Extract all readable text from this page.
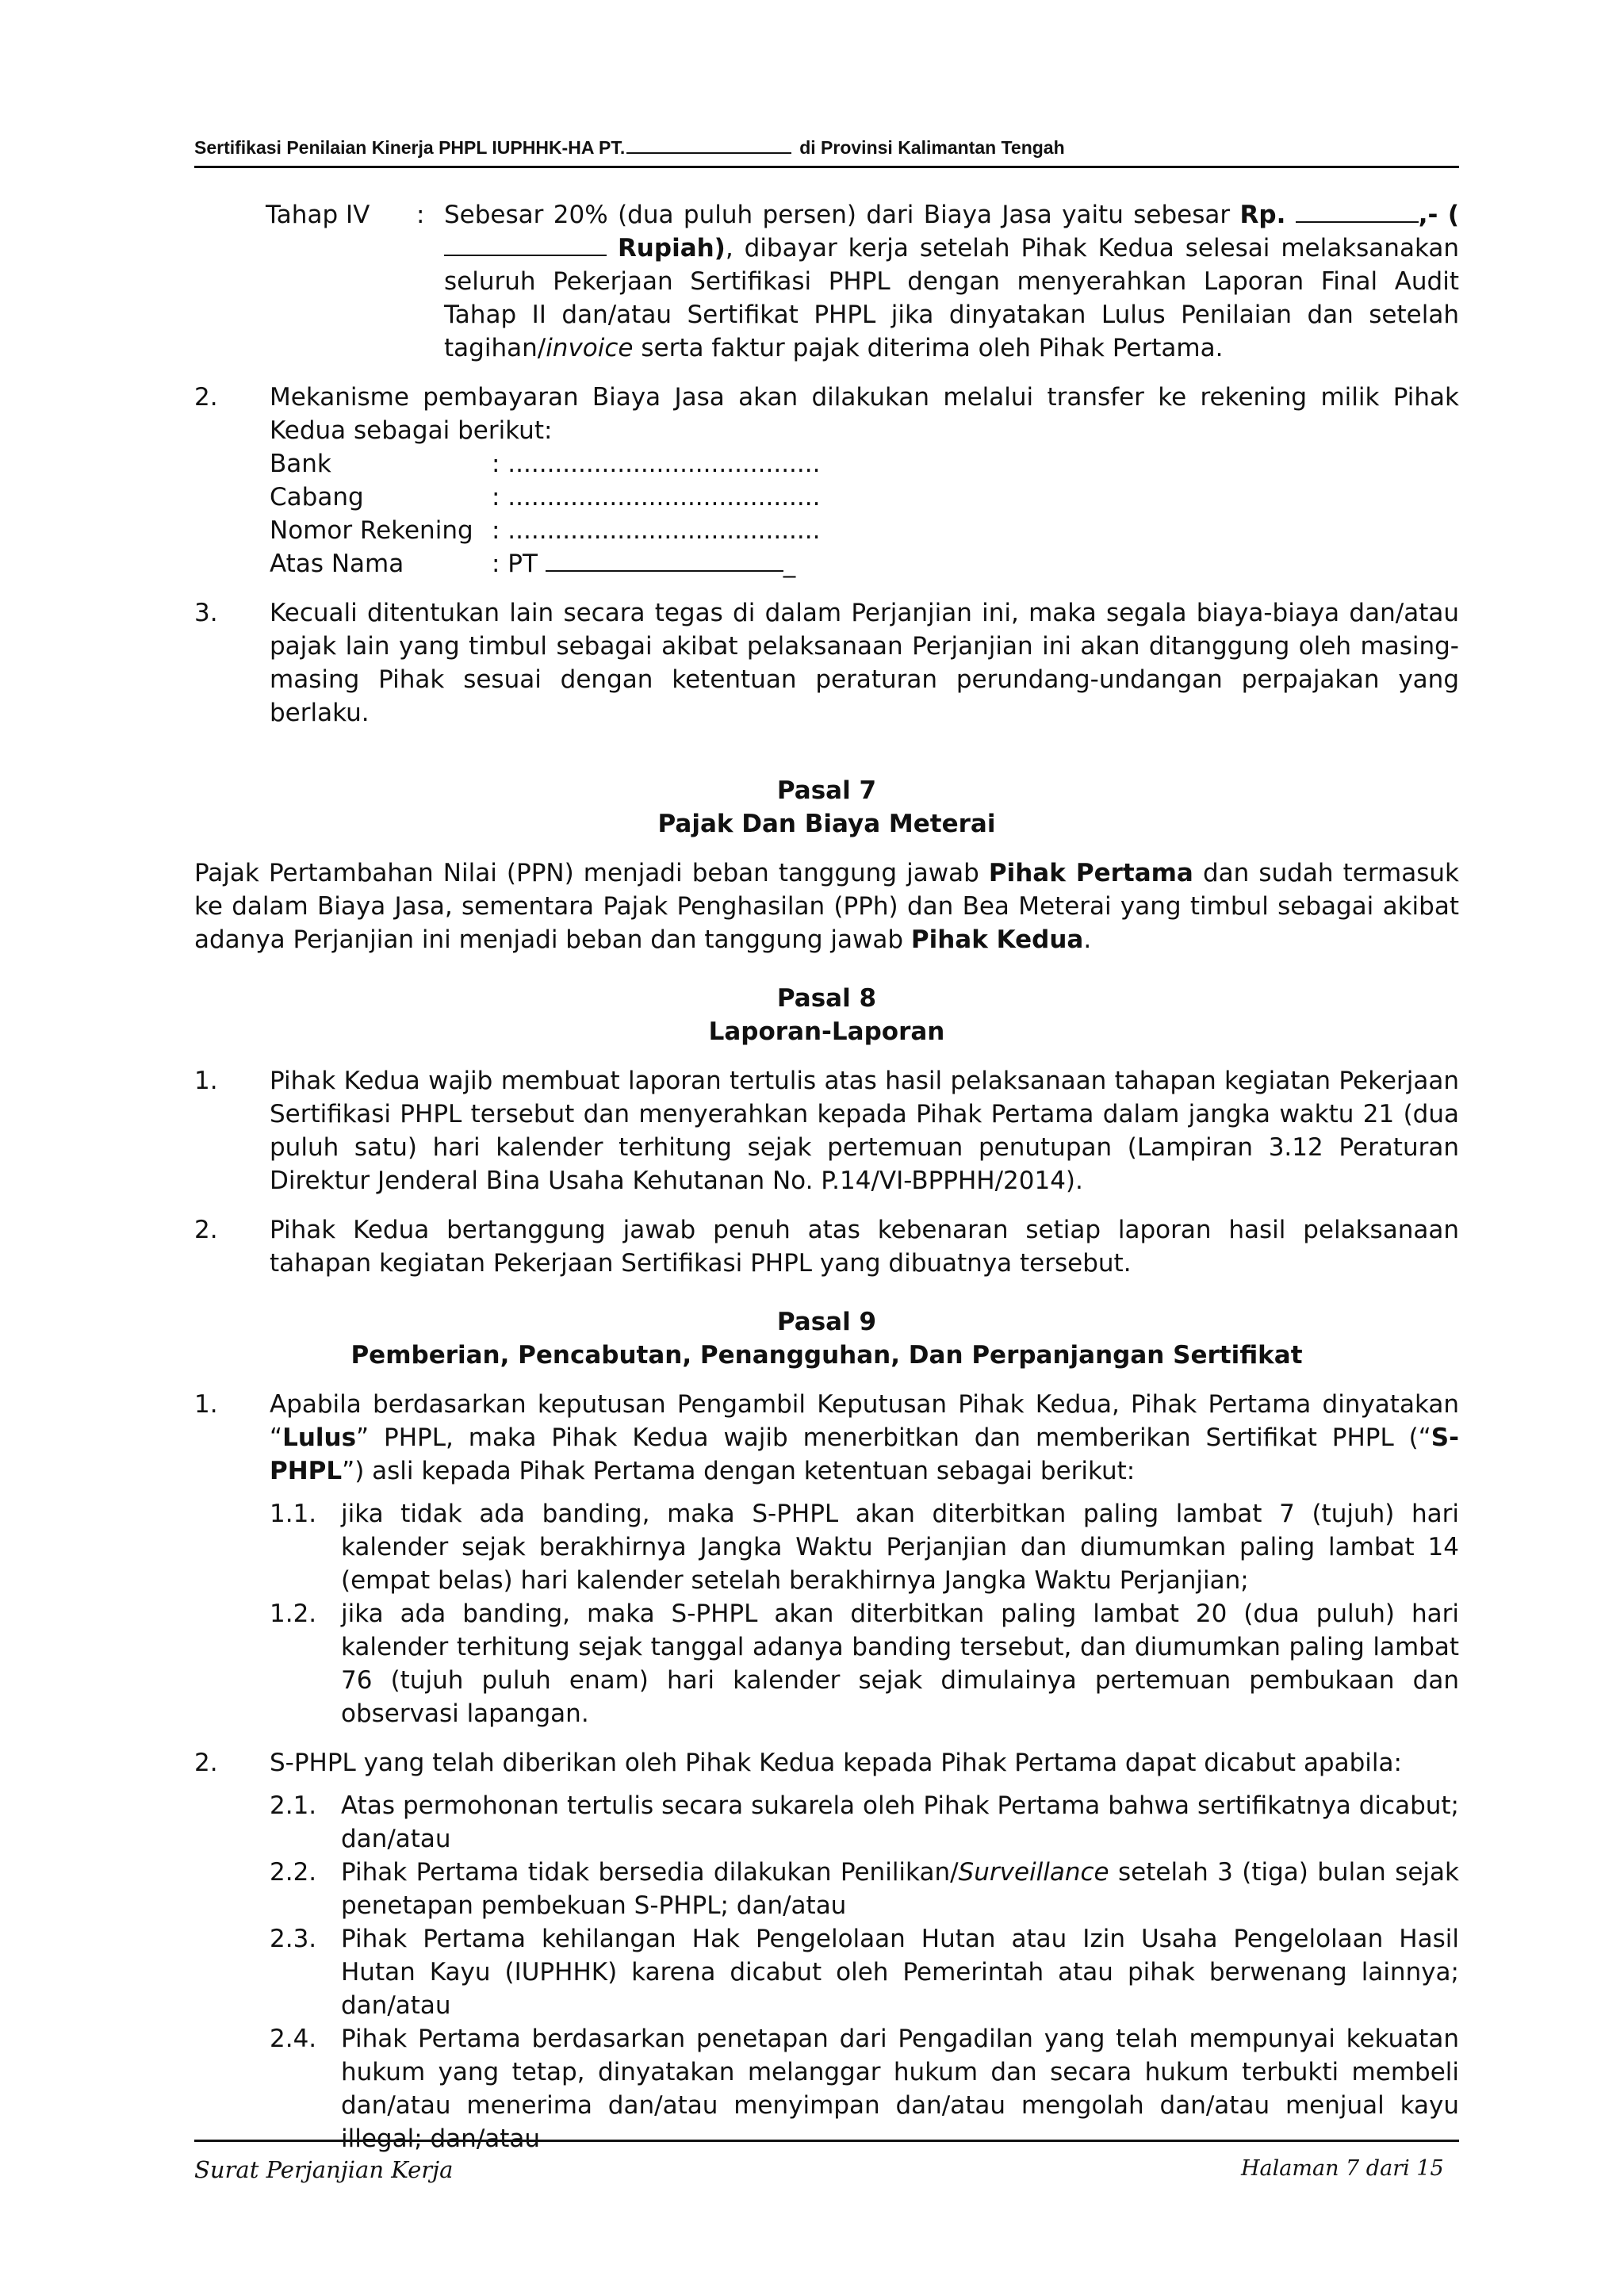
Sertifikasi Penilaian Kinerja PHPL IUPHHK-HA PT.	di Provinsi Kalimantan Tengah
Tahap IV	: Sebesar 20% (dua puluh persen) dari Biaya Jasa yaitu sebesar Rp.	,- ( Rupiah), dibayar kerja setelah Pihak Kedua selesai melaksanakan seluruh Pekerjaan Sertifikasi PHPL dengan menyerahkan Laporan Final Audit Tahap II dan/atau Sertifikat PHPL jika dinyatakan Lulus Penilaian dan setelah tagihan/invoice serta faktur pajak diterima oleh Pihak Pertama.
2.	Mekanisme pembayaran Biaya Jasa akan dilakukan melalui transfer ke rekening milik Pihak Kedua sebagai berikut:
Bank	: ........................................
Cabang	: ........................................
Nomor Rekening : ........................................
Atas Nama	: PT	_
3.	Kecuali ditentukan lain secara tegas di dalam Perjanjian ini, maka segala biaya-biaya dan/atau pajak lain yang timbul sebagai akibat pelaksanaan Perjanjian ini akan ditanggung oleh masing-masing Pihak sesuai dengan ketentuan peraturan perundang-undangan perpajakan yang berlaku.
Pasal 7
Pajak Dan Biaya Meterai
Pajak Pertambahan Nilai (PPN) menjadi beban tanggung jawab Pihak Pertama dan sudah termasuk ke dalam Biaya Jasa, sementara Pajak Penghasilan (PPh) dan Bea Meterai yang timbul sebagai akibat adanya Perjanjian ini menjadi beban dan tanggung jawab Pihak Kedua.
Pasal 8
Laporan-Laporan
1.	Pihak Kedua wajib membuat laporan tertulis atas hasil pelaksanaan tahapan kegiatan Pekerjaan Sertifikasi PHPL tersebut dan menyerahkan kepada Pihak Pertama dalam jangka waktu 21 (dua puluh satu) hari kalender terhitung sejak pertemuan penutupan (Lampiran 3.12 Peraturan Direktur Jenderal Bina Usaha Kehutanan No. P.14/VI-BPPHH/2014).
2.	Pihak Kedua bertanggung jawab penuh atas kebenaran setiap laporan hasil pelaksanaan tahapan kegiatan Pekerjaan Sertifikasi PHPL yang dibuatnya tersebut.
Pasal 9
Pemberian, Pencabutan, Penangguhan, Dan Perpanjangan Sertifikat
1.	Apabila berdasarkan keputusan Pengambil Keputusan Pihak Kedua, Pihak Pertama dinyatakan “Lulus” PHPL, maka Pihak Kedua wajib menerbitkan dan memberikan Sertifikat PHPL (“S-PHPL”) asli kepada Pihak Pertama dengan ketentuan sebagai berikut:
1.1. jika tidak ada banding, maka S-PHPL akan diterbitkan paling lambat 7 (tujuh) hari kalender sejak berakhirnya Jangka Waktu Perjanjian dan diumumkan paling lambat 14 (empat belas) hari kalender setelah berakhirnya Jangka Waktu Perjanjian;
1.2. jika ada banding, maka S-PHPL akan diterbitkan paling lambat 20 (dua puluh) hari kalender terhitung sejak tanggal adanya banding tersebut, dan diumumkan paling lambat 76 (tujuh puluh enam) hari kalender sejak dimulainya pertemuan pembukaan dan observasi lapangan.
2.	S-PHPL yang telah diberikan oleh Pihak Kedua kepada Pihak Pertama dapat dicabut apabila:
2.1. Atas permohonan tertulis secara sukarela oleh Pihak Pertama bahwa sertifikatnya dicabut; dan/atau
2.2. Pihak Pertama tidak bersedia dilakukan Penilikan/Surveillance setelah 3 (tiga) bulan sejak penetapan pembekuan S-PHPL; dan/atau
2.3. Pihak Pertama kehilangan Hak Pengelolaan Hutan atau Izin Usaha Pengelolaan Hasil Hutan Kayu (IUPHHK) karena dicabut oleh Pemerintah atau pihak berwenang lainnya; dan/atau
2.4. Pihak Pertama berdasarkan penetapan dari Pengadilan yang telah mempunyai kekuatan hukum yang tetap, dinyatakan melanggar hukum dan secara hukum terbukti membeli dan/atau menerima dan/atau menyimpan dan/atau mengolah dan/atau menjual kayu illegal; dan/atau
Surat Perjanjian Kerja	Halaman 7 dari 15
